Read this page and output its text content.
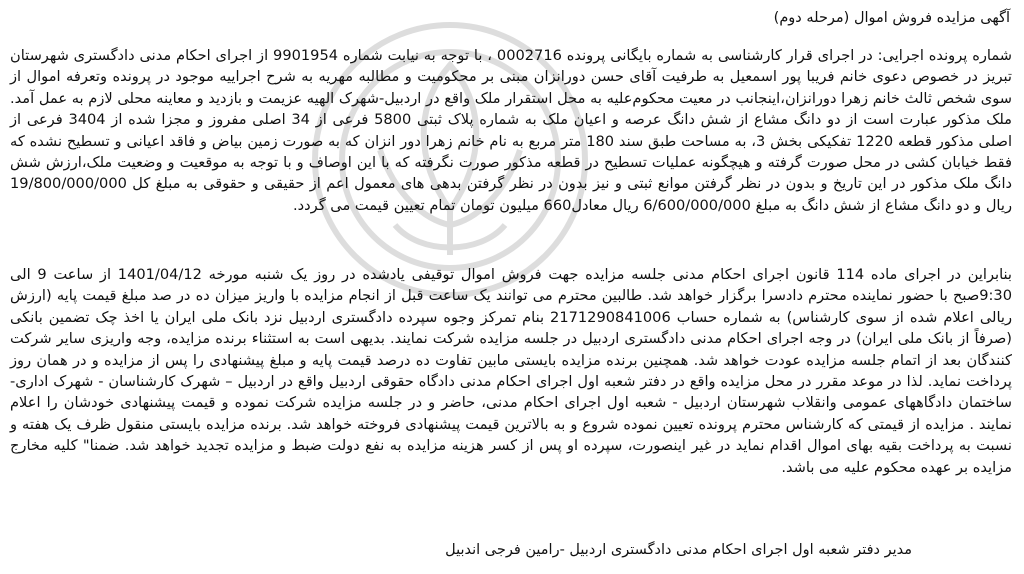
آگهی مزایده فروش اموال (مرحله دوم)
شماره پرونده اجرایی: در اجرای قرار کارشناسی به شماره بایگانی پرونده 0002716 ، با توجه به نیابت شماره 9901954 از اجرای احکام مدنی دادگستری شهرستان تبریز در خصوص دعوی خانم فریبا پور اسمعیل به طرفیت آقای حسن دورانزان مبنی بر محکومیت و مطالبه مهریه به شرح اجراییه موجود در پرونده وتعرفه اموال از سوی شخص ثالث خانم زهرا دورانزان،اینجانب در معیت محکوم‌علیه به محل استقرار ملک واقع در اردبیل-شهرک الهیه عزیمت و بازدید و معاینه محلی لازم به عمل آمد. ملک مذکور عبارت است از دو دانگ مشاع از شش دانگ عرصه و اعیان ملک به شماره پلاک ثبتی 5800 فرعی از 34 اصلی مفروز و مجزا شده از 3404 فرعی از اصلی مذکور قطعه 1220 تفکیکی بخش 3، به مساحت طبق سند 180 متر مربع به نام خانم زهرا دور انزان که به صورت زمین بیاض و فاقد اعیانی و تسطیح نشده که فقط خیابان کشی در محل صورت گرفته و هیچگونه عملیات تسطیح در قطعه مذکور صورت نگرفته که با این اوصاف و با توجه به موقعیت و وضعیت ملک،ارزش شش دانگ ملک مذکور در این تاریخ و بدون در نظر گرفتن موانع ثبتی و نیز بدون در نظر گرفتن بدهی های معمول اعم از حقیقی و حقوقی به مبلغ کل 19/800/000/000 ریال و دو دانگ مشاع از شش دانگ به مبلغ 6/600/000/000 ریال معادل660 میلیون تومان تمام تعیین قیمت می گردد.
بنابراین در اجرای ماده 114 قانون اجرای احکام مدنی جلسه مزایده جهت فروش اموال توقیفی یادشده در روز یک شنبه مورخه 1401/04/12 از ساعت 9 الی 9:30صبح با حضور نماینده محترم دادسرا برگزار خواهد شد. طالبین محترم می توانند یک ساعت قبل از انجام مزایده با واریز میزان ده در صد مبلغ قیمت پایه (ارزش ریالی اعلام شده از سوی کارشناس) به شماره حساب 2171290841006 بنام تمرکز وجوه سپرده دادگستری اردبیل نزد بانک ملی ایران یا اخذ چک تضمین بانکی (صرفاً از بانک ملی ایران) در وجه اجرای احکام مدنی دادگستری اردبیل در جلسه مزایده شرکت نمایند. بدیهی است به استثناء برنده مزایده، وجه واریزی سایر شرکت کنندگان بعد از اتمام جلسه مزایده عودت خواهد شد. همچنین برنده مزایده بایستی مابین تفاوت ده درصد قیمت پایه و مبلغ پیشنهادی را پس از مزایده و در همان روز پرداخت نماید. لذا در موعد مقرر در محل مزایده واقع در دفتر شعبه اول اجرای احکام مدنی دادگاه حقوقی اردبیل واقع در اردبیل – شهرک کارشناسان - شهرک اداری- ساختمان دادگاههای عمومی وانقلاب شهرستان اردبیل - شعبه اول اجرای احکام مدنی، حاضر و در جلسه مزایده شرکت نموده و قیمت پیشنهادی خودشان را اعلام نمایند . مزایده از قیمتی که کارشناس محترم پرونده تعیین نموده شروع و به بالاترین قیمت پیشنهادی فروخته خواهد شد. برنده مزایده بایستی منقول ظرف یک هفته و نسبت به پرداخت بقیه بهای اموال اقدام نماید در غیر اینصورت، سپرده او پس از کسر هزینه مزایده به نفع دولت ضبط و مزایده تجدید خواهد شد. ضمنا" کلیه مخارج مزایده بر عهده محکوم علیه می باشد.
مدیر دفتر شعبه اول اجرای احکام مدنی دادگستری اردبیل -رامین فرجی اندبیل
